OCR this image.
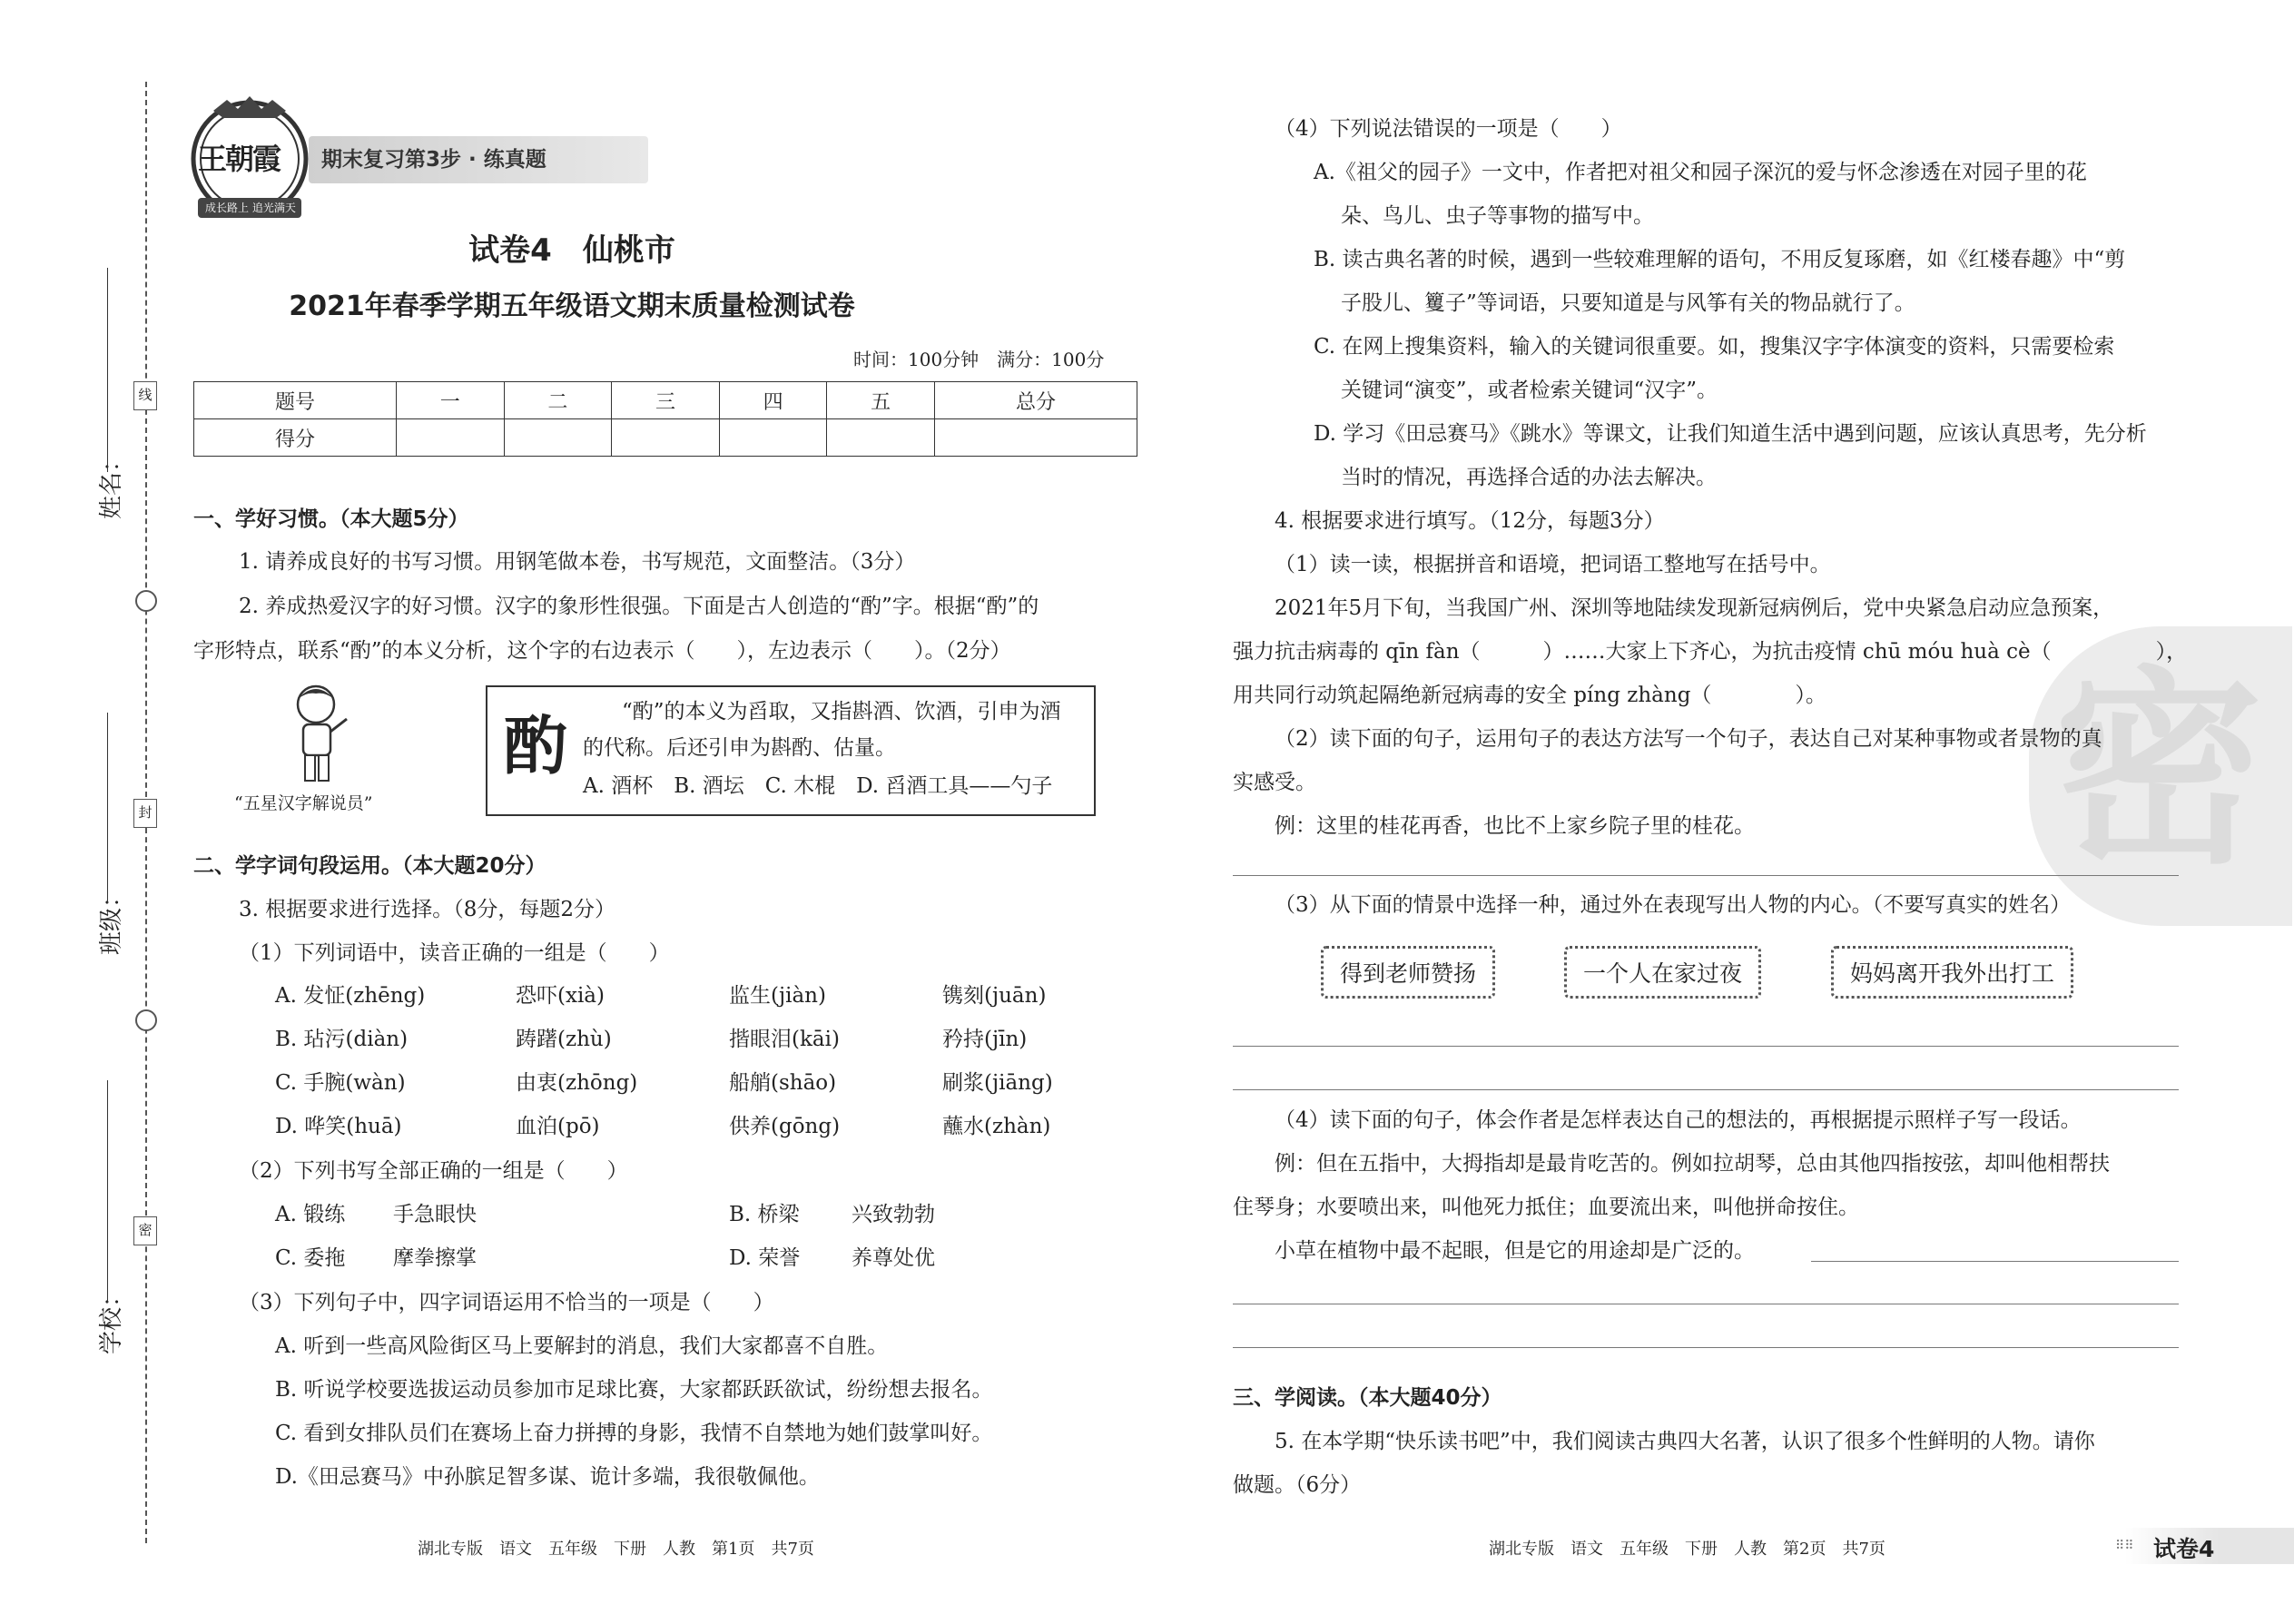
姓名：
班级：
学校：
线
封
密
王朝霞
成长路上 追光满天
期末复习第3步 · 练真题
试卷4　仙桃市
2021年春季学期五年级语文期末质量检测试卷
时间：100分钟　满分：100分
题号	一	二	三	四	五	总分
得分						
一、学好习惯。（本大题5分）
1. 请养成良好的书写习惯。用钢笔做本卷，书写规范，文面整洁。（3分）
2. 养成热爱汉字的好习惯。汉字的象形性很强。下面是古人创造的“酌”字。根据“酌”的
字形特点，联系“酌”的本义分析，这个字的右边表示（　　），左边表示（　　）。（2分）
“五星汉字解说员”
酌	“酌”的本义为舀取，又指斟酒、饮酒，引申为酒
的代称。后还引申为斟酌、估量。
A. 酒杯　B. 酒坛　C. 木棍　D. 舀酒工具——勺子
二、学字词句段运用。（本大题20分）
3. 根据要求进行选择。（8分，每题2分）
（1）下列词语中，读音正确的一组是（　　）
A. 发怔(zhēng)	恐吓(xià)	监生(jiàn)	镌刻(juān)
B. 玷污(diàn)	踌躇(zhù)	揩眼泪(kāi)	矜持(jīn)
C. 手腕(wàn)	由衷(zhōng)	船艄(shāo)	刷浆(jiāng)
D. 哗笑(huā)	血泊(pō)	供养(gōng)	蘸水(zhàn)
（2）下列书写全部正确的一组是（　　）
A. 锻练 手急眼快	B. 桥梁 兴致勃勃
C. 委拖 摩拳擦掌	D. 荣誉 养尊处优
（3）下列句子中，四字词语运用不恰当的一项是（　　）
A. 听到一些高风险街区马上要解封的消息，我们大家都喜不自胜。
B. 听说学校要选拔运动员参加市足球比赛，大家都跃跃欲试，纷纷想去报名。
C. 看到女排队员们在赛场上奋力拼搏的身影，我情不自禁地为她们鼓掌叫好。
D.《田忌赛马》中孙膑足智多谋、诡计多端，我很敬佩他。
湖北专版　语文　五年级　下册　人教　第1页　共7页
密
（4）下列说法错误的一项是（　　）
A.《祖父的园子》一文中，作者把对祖父和园子深沉的爱与怀念渗透在对园子里的花
朵、鸟儿、虫子等事物的描写中。
B. 读古典名著的时候，遇到一些较难理解的语句，不用反复琢磨，如《红楼春趣》中“剪
子股儿、籰子”等词语，只要知道是与风筝有关的物品就行了。
C. 在网上搜集资料，输入的关键词很重要。如，搜集汉字字体演变的资料，只需要检索
关键词“演变”，或者检索关键词“汉字”。
D. 学习《田忌赛马》《跳水》等课文，让我们知道生活中遇到问题，应该认真思考，先分析
当时的情况，再选择合适的办法去解决。
4. 根据要求进行填写。（12分，每题3分）
（1）读一读，根据拼音和语境，把词语工整地写在括号中。
2021年5月下旬，当我国广州、深圳等地陆续发现新冠病例后，党中央紧急启动应急预案，
强力抗击病毒的 qīn fàn（　　　）……大家上下齐心，为抗击疫情 chū móu huà cè（　　　　　），
用共同行动筑起隔绝新冠病毒的安全 píng zhàng（　　　　）。
（2）读下面的句子，运用句子的表达方法写一个句子，表达自己对某种事物或者景物的真
实感受。
例：这里的桂花再香，也比不上家乡院子里的桂花。
（3）从下面的情景中选择一种，通过外在表现写出人物的内心。（不要写真实的姓名）
得到老师赞扬	一个人在家过夜	妈妈离开我外出打工
（4）读下面的句子，体会作者是怎样表达自己的想法的，再根据提示照样子写一段话。
例：但在五指中，大拇指却是最肯吃苦的。例如拉胡琴，总由其他四指按弦，却叫他相帮扶
住琴身；水要喷出来，叫他死力抵住；血要流出来，叫他拼命按住。
小草在植物中最不起眼，但是它的用途却是广泛的。
三、学阅读。（本大题40分）
5. 在本学期“快乐读书吧”中，我们阅读古典四大名著，认识了很多个性鲜明的人物。请你
做题。（6分）
湖北专版　语文　五年级　下册　人教　第2页　共7页	⠿⠿ 试卷4
